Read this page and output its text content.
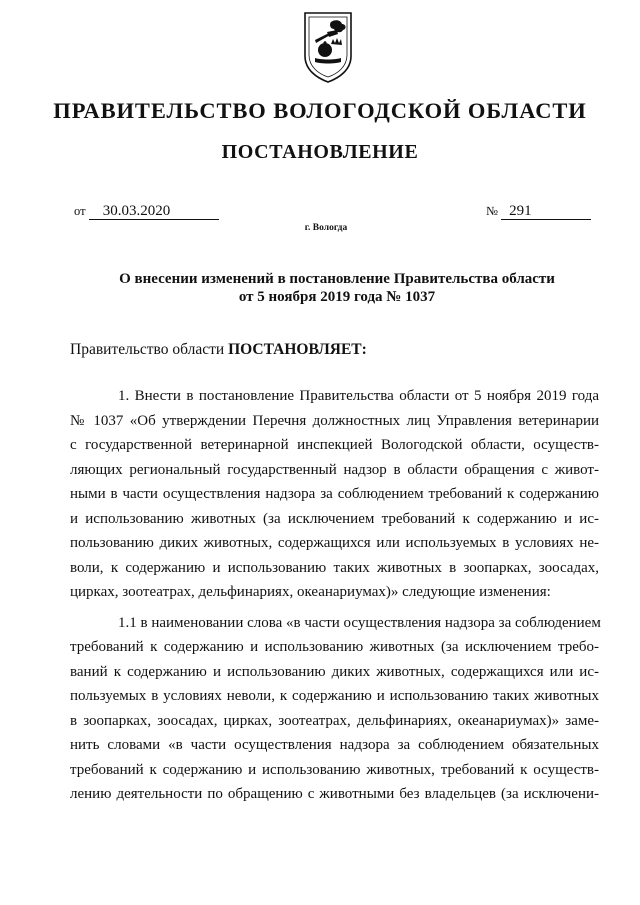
ПРАВИТЕЛЬСТВО ВОЛОГОДСКОЙ ОБЛАСТИ
ПОСТАНОВЛЕНИЕ
от 30.03.2020	№ 291
г. Вологда
О внесении изменений в постановление Правительства области
от 5 ноября 2019 года № 1037
Правительство области ПОСТАНОВЛЯЕТ:
1. Внести в постановление Правительства области от 5 ноября 2019 года
№ 1037 «Об утверждении Перечня должностных лиц Управления ветеринарии
с государственной ветеринарной инспекцией Вологодской области, осуществ-
ляющих региональный государственный надзор в области обращения с живот-
ными в части осуществления надзора за соблюдением требований к содержанию
и использованию животных (за исключением требований к содержанию и ис-
пользованию диких животных, содержащихся или используемых в условиях не-
воли, к содержанию и использованию таких животных в зоопарках, зоосадах,
цирках, зоотеатрах, дельфинариях, океанариумах)» следующие изменения:
1.1 в наименовании слова «в части осуществления надзора за соблюдением
требований к содержанию и использованию животных (за исключением требо-
ваний к содержанию и использованию диких животных, содержащихся или ис-
пользуемых в условиях неволи, к содержанию и использованию таких животных
в зоопарках, зоосадах, цирках, зоотеатрах, дельфинариях, океанариумах)» заме-
нить словами «в части осуществления надзора за соблюдением обязательных
требований к содержанию и использованию животных, требований к осуществ-
лению деятельности по обращению с животными без владельцев (за исключени-
